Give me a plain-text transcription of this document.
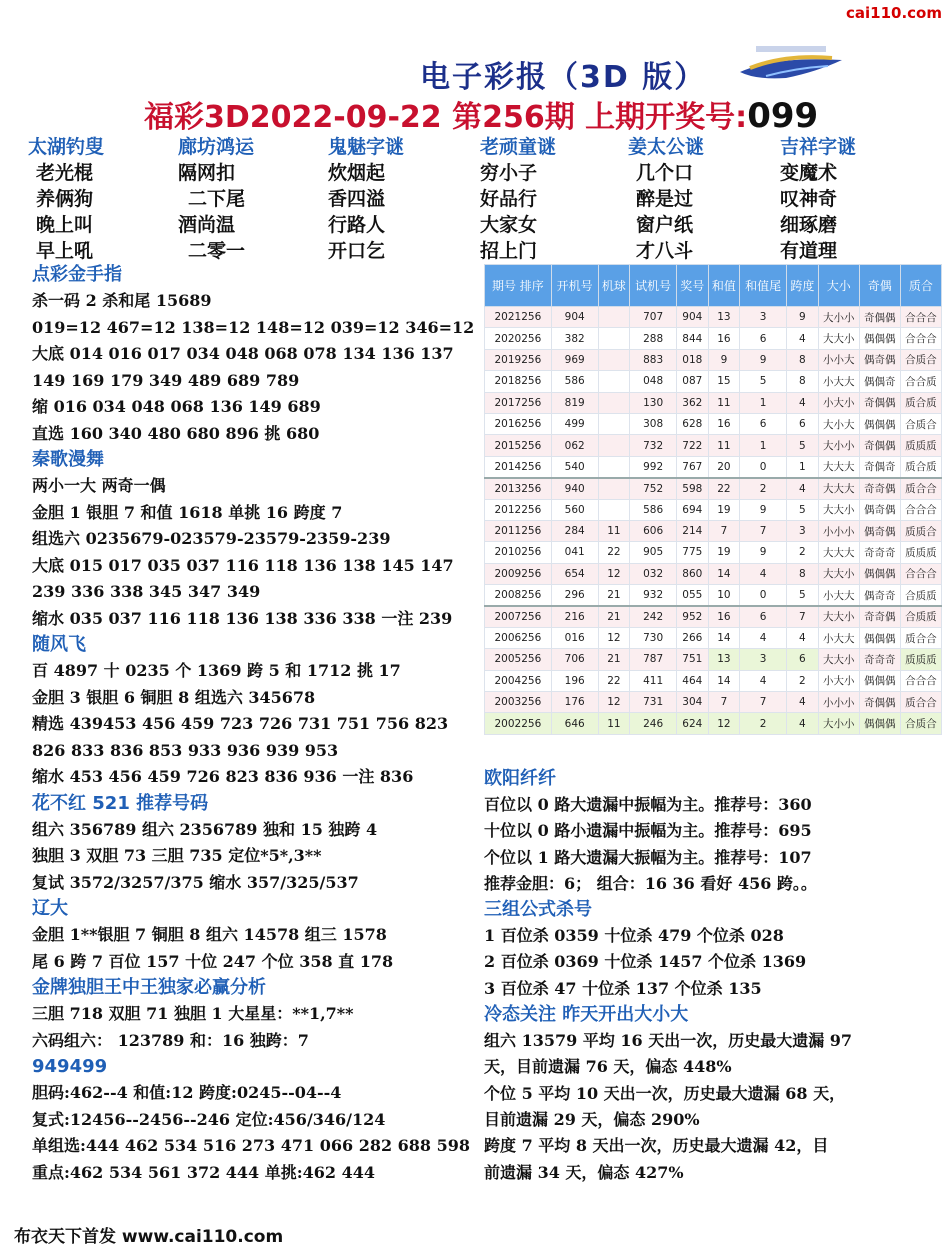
cai110.com
电子彩报（3D 版）
福彩3D2022-09-22 第256期 上期开奖号:099
太湖钓叟
老光棍
养俩狗
晚上叫
早上吼
廊坊鸿运
隔网扣
二下尾
酒尚温
二零一
鬼魅字谜
炊烟起
香四溢
行路人
开口乞
老顽童谜
穷小子
好品行
大家女
招上门
姜太公谜
几个口
醉是过
窗户纸
才八斗
吉祥字谜
变魔术
叹神奇
细琢磨
有道理
点彩金手指
杀一码 2 杀和尾 15689
019=12 467=12 138=12 148=12 039=12 346=12
大底 014 016 017 034 048 068 078 134 136 137
149 169 179 349 489 689 789
缩 016 034 048 068 136 149 689
直选 160 340 480 680 896 挑 680
秦歌漫舞
两小一大 两奇一偶
金胆 1 银胆 7 和值 1618 单挑 16 跨度 7
组选六 0235679-023579-23579-2359-239
大底 015 017 035 037 116 118 136 138 145 147
239 336 338 345 347 349
缩水 035 037 116 118 136 138 336 338 一注 239
随风飞
百 4897 十 0235 个 1369 跨 5 和 1712 挑 17
金胆 3 银胆 6 铜胆 8 组选六 345678
精选 439453 456 459 723 726 731 751 756 823
826 833 836 853 933 936 939 953
缩水 453 456 459 726 823 836 936 一注 836
花不红 521 推荐号码
组六 356789 组六 2356789 独和 15 独跨 4
独胆 3 双胆 73 三胆 735 定位*5*,3**
复试 3572/3257/375 缩水 357/325/537
辽大
金胆 1**银胆 7 铜胆 8 组六 14578 组三 1578
尾 6 跨 7 百位 157 十位 247 个位 358 直 178
金牌独胆王中王独家必赢分析
三胆 718 双胆 71 独胆 1 大星星：**1,7**
六码组六： 123789 和：16 独跨：7
949499
胆码:462--4 和值:12 跨度:0245--04--4
复式:12456--2456--246 定位:456/346/124
单组选:444 462 534 516 273 471 066 282 688 598
重点:462 534 561 372 444 单挑:462 444
期号 排序	开机号	机球	试机号	奖号	和值	和值尾	跨度	大小	奇偶	质合
2021256	904		707	904	13	3	9	大小小	奇偶偶	合合合
2020256	382		288	844	16	6	4	大大小	偶偶偶	合合合
2019256	969		883	018	9	9	8	小小大	偶奇偶	合质合
2018256	586		048	087	15	5	8	小大大	偶偶奇	合合质
2017256	819		130	362	11	1	4	小大小	奇偶偶	质合质
2016256	499		308	628	16	6	6	大小大	偶偶偶	合质合
2015256	062		732	722	11	1	5	大小小	奇偶偶	质质质
2014256	540		992	767	20	0	1	大大大	奇偶奇	质合质
2013256	940		752	598	22	2	4	大大大	奇奇偶	质合合
2012256	560		586	694	19	9	5	大大小	偶奇偶	合合合
2011256	284	11	606	214	7	7	3	小小小	偶奇偶	质质合
2010256	041	22	905	775	19	9	2	大大大	奇奇奇	质质质
2009256	654	12	032	860	14	4	8	大大小	偶偶偶	合合合
2008256	296	21	932	055	10	0	5	小大大	偶奇奇	合质质
2007256	216	21	242	952	16	6	7	大大小	奇奇偶	合质质
2006256	016	12	730	266	14	4	4	小大大	偶偶偶	质合合
2005256	706	21	787	751	13	3	6	大大小	奇奇奇	质质质
2004256	196	22	411	464	14	4	2	小大小	偶偶偶	合合合
2003256	176	12	731	304	7	7	4	小小小	奇偶偶	质合合
2002256	646	11	246	624	12	2	4	大小小	偶偶偶	合质合
欧阳纤纤
百位以 0 路大遗漏中振幅为主。推荐号：360
十位以 0 路小遗漏中振幅为主。推荐号：695
个位以 1 路大遗漏大振幅为主。推荐号：107
推荐金胆：6； 组合：16 36 看好 456 跨。。
三组公式杀号
1 百位杀 0359 十位杀 479 个位杀 028
2 百位杀 0369 十位杀 1457 个位杀 1369
3 百位杀 47 十位杀 137 个位杀 135
冷态关注 昨天开出大小大
组六 13579 平均 16 天出一次，历史最大遗漏 97
天，目前遗漏 76 天，偏态 448%
个位 5 平均 10 天出一次，历史最大遗漏 68 天，
目前遗漏 29 天，偏态 290%
跨度 7 平均 8 天出一次，历史最大遗漏 42，目
前遗漏 34 天，偏态 427%
布衣天下首发 www.cai110.com
